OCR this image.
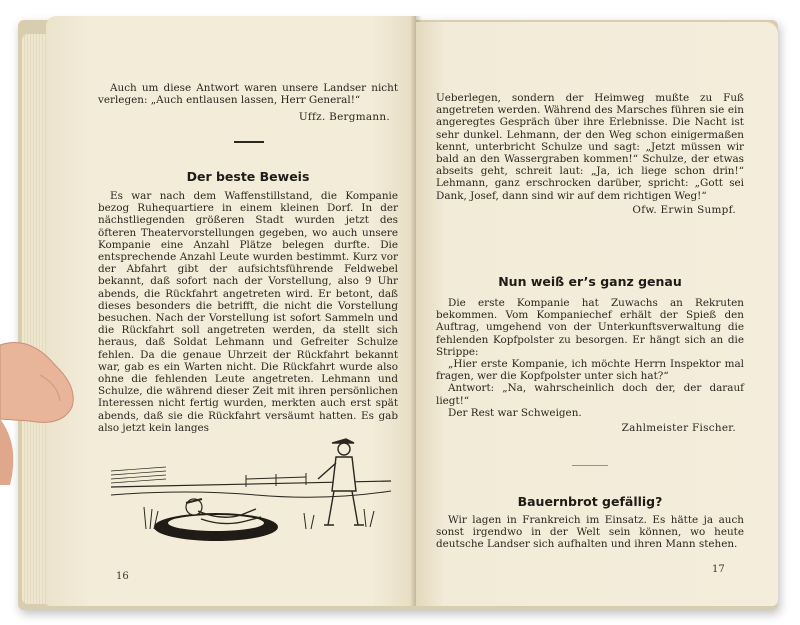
Auch um diese Antwort waren unsere Landser nicht verlegen: „Auch entlausen lassen, Herr General!“

Uffz. Bergmann.
Der beste Beweis

Es war nach dem Waffenstillstand, die Kompanie bezog Ruhequartiere in einem kleinen Dorf. In der nächstliegenden größeren Stadt wurden jetzt des öfteren Theatervorstellungen gegeben, wo auch unsere Kompanie eine Anzahl Plätze belegen durfte. Die entsprechende Anzahl Leute wurden bestimmt. Kurz vor der Abfahrt gibt der aufsichtsführende Feldwebel bekannt, daß sofort nach der Vorstellung, also 9 Uhr abends, die Rückfahrt angetreten wird. Er betont, daß dieses besonders die betrifft, die nicht die Vorstellung besuchen. Nach der Vorstellung ist sofort Sammeln und die Rückfahrt soll angetreten werden, da stellt sich heraus, daß Soldat Lehmann und Gefreiter Schulze fehlen. Da die genaue Uhrzeit der Rückfahrt bekannt war, gab es ein Warten nicht. Die Rückfahrt wurde also ohne die fehlenden Leute angetreten. Lehmann und Schulze, die während dieser Zeit mit ihren persönlichen Interessen nicht fertig wurden, merkten auch erst spät abends, daß sie die Rückfahrt versäumt hatten. Es gab also jetzt kein langes

16

Ueberlegen, sondern der Heimweg mußte zu Fuß angetreten werden. Während des Marsches führen sie ein angeregtes Gespräch über ihre Erlebnisse. Die Nacht ist sehr dunkel. Lehmann, der den Weg schon einigermaßen kennt, unterbricht Schulze und sagt: „Jetzt müssen wir bald an den Wassergraben kommen!“ Schulze, der etwas abseits geht, schreit laut: „Ja, ich liege schon drin!“ Lehmann, ganz erschrocken darüber, spricht: „Gott sei Dank, Josef, dann sind wir auf dem richtigen Weg!“

Ofw. Erwin Sumpf.
Nun weiß er’s ganz genau

Die erste Kompanie hat Zuwachs an Rekruten bekommen. Vom Kompaniechef erhält der Spieß den Auftrag, umgehend von der Unterkunftsverwaltung die fehlenden Kopfpolster zu besorgen. Er hängt sich an die Strippe:

„Hier erste Kompanie, ich möchte Herrn Inspektor mal fragen, wer die Kopfpolster unter sich hat?“

Antwort: „Na, wahrscheinlich doch der, der darauf liegt!“

Der Rest war Schweigen.

Zahlmeister Fischer.
Bauernbrot gefällig?

Wir lagen in Frankreich im Einsatz. Es hätte ja auch sonst irgendwo in der Welt sein können, wo heute deutsche Landser sich aufhalten und ihren Mann stehen.

17
